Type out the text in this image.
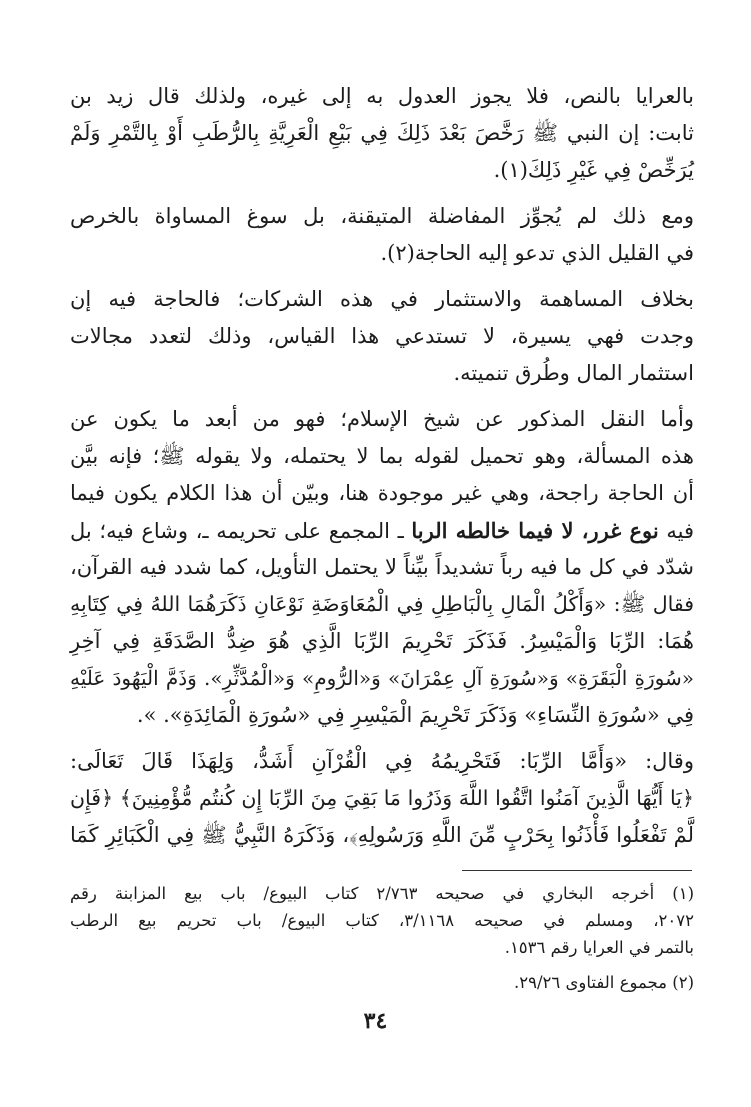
بالعرايا بالنص، فلا يجوز العدول به إلى غيره، ولذلك قال زيد بن
ثابت: إن النبي ﷺ رَخَّصَ بَعْدَ ذَلِكَ فِي بَيْعِ الْعَرِيَّةِ بِالرُّطَبِ أَوْ بِالتَّمْرِ وَلَمْ
يُرَخِّصْ فِي غَيْرِ ذَلِكَ(١).
ومع ذلك لم يُجوِّز المفاضلة المتيقنة، بل سوغ المساواة بالخرص
في القليل الذي تدعو إليه الحاجة(٢).
بخلاف المساهمة والاستثمار في هذه الشركات؛ فالحاجة فيه إن
وجدت فهي يسيرة، لا تستدعي هذا القياس، وذلك لتعدد مجالات
استثمار المال وطُرق تنميته.
وأما النقل المذكور عن شيخ الإسلام؛ فهو من أبعد ما يكون عن
هذه المسألة، وهو تحميل لقوله بما لا يحتمله، ولا يقوله ﷺ؛ فإنه بيَّن
أن الحاجة راجحة، وهي غير موجودة هنا، وبيّن أن هذا الكلام يكون فيما
فيه نوع غرر، لا فيما خالطه الربا ـ المجمع على تحريمه ـ، وشاع فيه؛ بل
شدّد في كل ما فيه رباً تشديداً بيِّناً لا يحتمل التأويل، كما شدد فيه القرآن،
فقال ﷺ: «وَأَكْلُ الْمَالِ بِالْبَاطِلِ فِي الْمُعَاوَضَةِ نَوْعَانِ ذَكَرَهُمَا اللهُ فِي كِتَابِهِ
هُمَا: الرِّبَا وَالْمَيْسِرُ. فَذَكَرَ تَحْرِيمَ الرِّبَا الَّذِي هُوَ ضِدُّ الصَّدَقَةِ فِي آخِرِ
«سُورَةِ الْبَقَرَةِ» وَ«سُورَةِ آلِ عِمْرَانَ» وَ«الرُّومِ» وَ«الْمُدَّثِّرِ». وَذَمَّ الْيَهُودَ عَلَيْهِ
فِي «سُورَةِ النِّسَاءِ» وَذَكَرَ تَحْرِيمَ الْمَيْسِرِ فِي «سُورَةِ الْمَائِدَةِ». ».
وقال: «وَأَمَّا الرِّبَا: فَتَحْرِيمُهُ فِي الْقُرْآنِ أَشَدُّ، وَلِهَذَا قَالَ تَعَالَى:
﴿يَا أَيُّهَا الَّذِينَ آمَنُوا اتَّقُوا اللَّهَ وَذَرُوا مَا بَقِيَ مِنَ الرِّبَا إِن كُنتُم مُّؤْمِنِينَ﴾ ﴿فَإِن
لَّمْ تَفْعَلُوا فَأْذَنُوا بِحَرْبٍ مِّنَ اللَّهِ وَرَسُولِهِ﴾، وَذَكَرَهُ النَّبِيُّ ﷺ فِي الْكَبَائِرِ كَمَا
(١) أخرجه البخاري في صحيحه ٢/٧٦٣ كتاب البيوع/ باب بيع المزابنة رقم
٢٠٧٢، ومسلم في صحيحه ٣/١١٦٨، كتاب البيوع/ باب تحريم بيع الرطب
بالتمر في العرايا رقم ١٥٣٦.
(٢) مجموع الفتاوى ٢٩/٢٦.
٣٤
